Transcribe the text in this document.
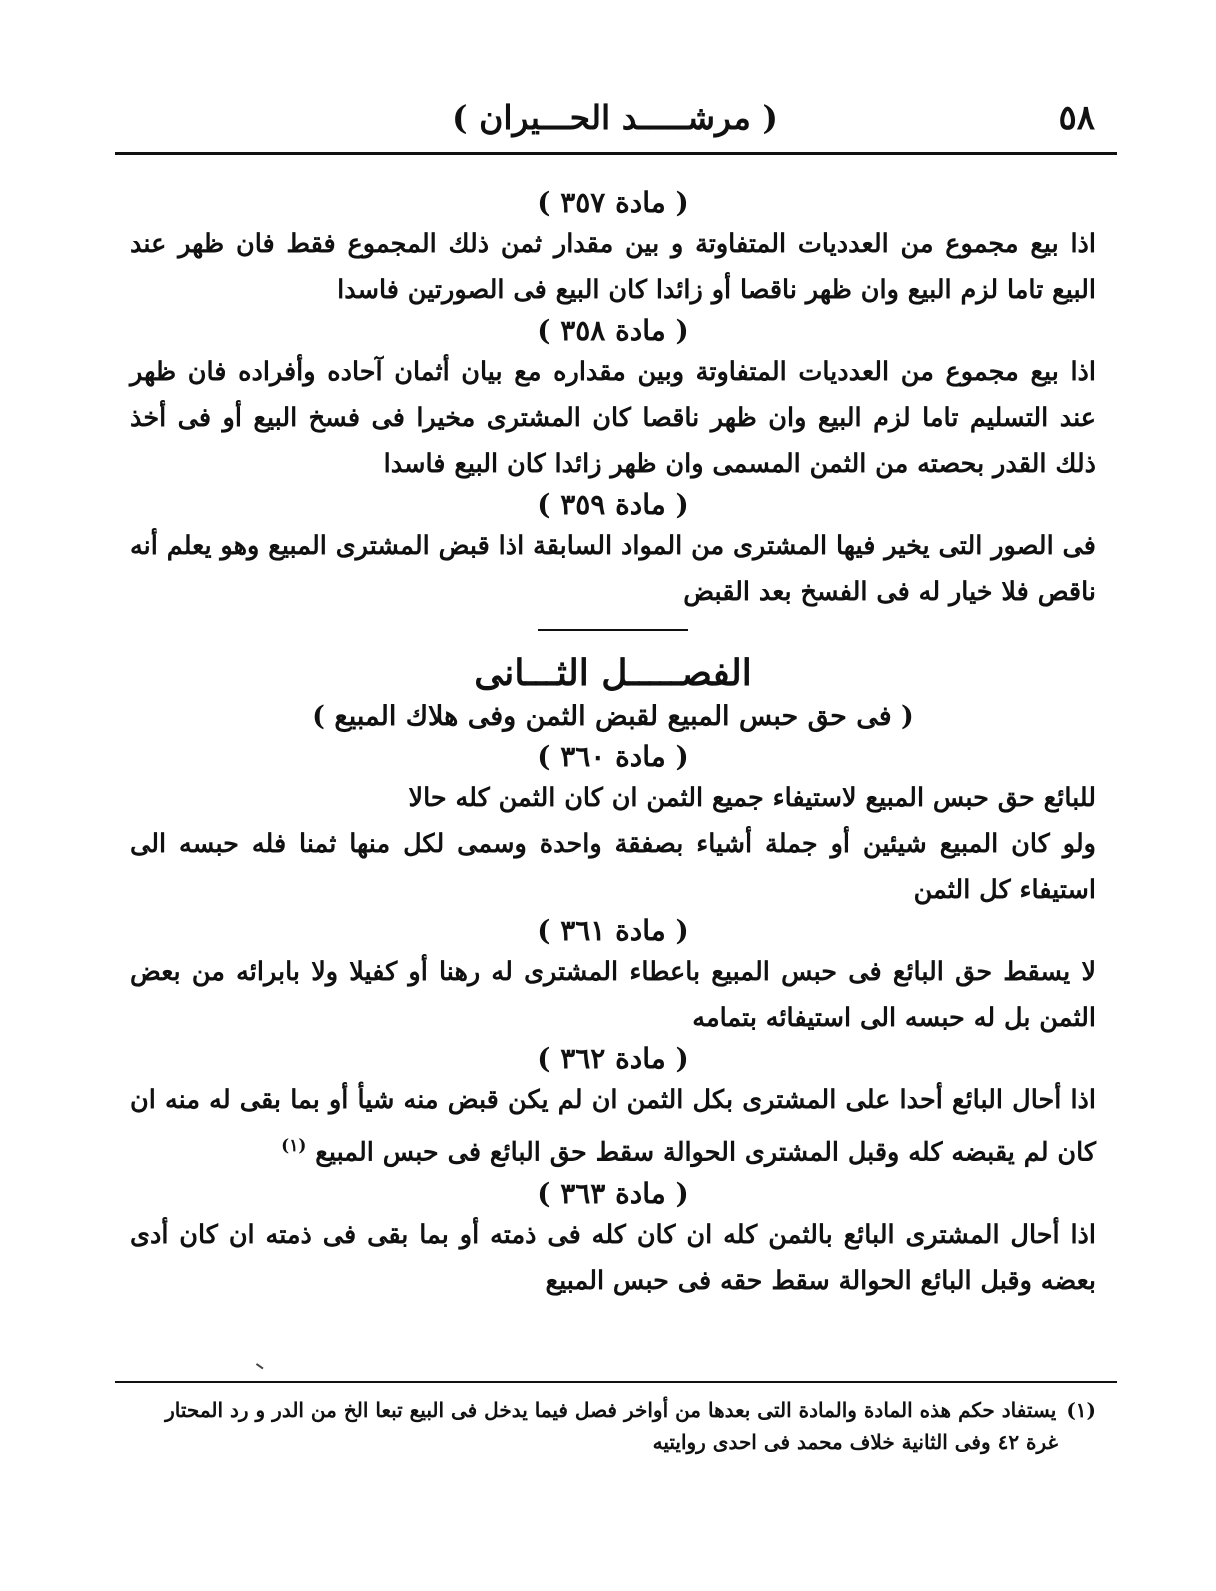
٥٨
( مرشـــــد الحـــيران )
( مادة ٣٥٧ )

اذا بيع مجموع من العدديات المتفاوتة و بين مقدار ثمن ذلك المجموع فقط فان ظهر عند البيع تاما لزم البيع وان ظهر ناقصا أو زائدا كان البيع فى الصورتين فاسدا

( مادة ٣٥٨ )

اذا بيع مجموع من العدديات المتفاوتة وبين مقداره مع بيان أثمان آحاده وأفراده فان ظهر عند التسليم تاما لزم البيع وان ظهر ناقصا كان المشترى مخيرا فى فسخ البيع أو فى أخذ ذلك القدر بحصته من الثمن المسمى وان ظهر زائدا كان البيع فاسدا

( مادة ٣٥٩ )

فى الصور التى يخير فيها المشترى من المواد السابقة اذا قبض المشترى المبيع وهو يعلم أنه ناقص فلا خيار له فى الفسخ بعد القبض

الفصـــــل الثـــانى
( فى حق حبس المبيع لقبض الثمن وفى هلاك المبيع )
( مادة ٣٦٠ )

للبائع حق حبس المبيع لاستيفاء جميع الثمن ان كان الثمن كله حالا

ولو كان المبيع شيئين أو جملة أشياء بصفقة واحدة وسمى لكل منها ثمنا فله حبسه الى استيفاء كل الثمن

( مادة ٣٦١ )

لا يسقط حق البائع فى حبس المبيع باعطاء المشترى له رهنا أو كفيلا ولا بابرائه من بعض الثمن بل له حبسه الى استيفائه بتمامه

( مادة ٣٦٢ )

اذا أحال البائع أحدا على المشترى بكل الثمن ان لم يكن قبض منه شيأ أو بما بقى له منه ان كان لم يقبضه كله وقبل المشترى الحوالة سقط حق البائع فى حبس المبيع $^{(١)}$

( مادة ٣٦٣ )

اذا أحال المشترى البائع بالثمن كله ان كان كله فى ذمته أو بما بقى فى ذمته ان كان أدى بعضه وقبل البائع الحوالة سقط حقه فى حبس المبيع

(١)يستفاد حكم هذه المادة والمادة التى بعدها من أواخر فصل فيما يدخل فى البيع تبعا الخ من الدر و رد المحتار
غرة ٤٢ وفى الثانية خلاف محمد فى احدى روايتيه
